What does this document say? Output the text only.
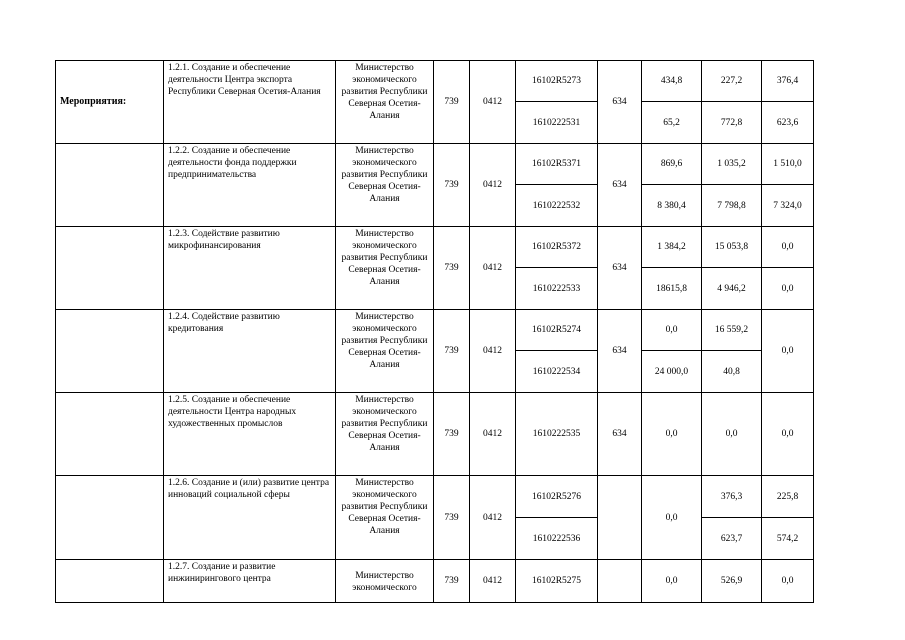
Мероприятия:	1.2.1. Создание и обеспечение деятельности Центра экспорта Республики Северная Осетия-Алания	Министерство экономического развития Республики Северная Осетия-Алания	739	0412	16102R5273	634	434,8	227,2	376,4
					1610222531		65,2	772,8	623,6
	1.2.2. Создание и обеспечение деятельности фонда поддержки предпринимательства	Министерство экономического развития Республики Северная Осетия-Алания	739	0412	16102R5371	634	869,6	1 035,2	1 510,0
					1610222532		8 380,4	7 798,8	7 324,0
	1.2.3. Содействие развитию микрофинансирования	Министерство экономического развития Республики Северная Осетия-Алания	739	0412	16102R5372	634	1 384,2	15 053,8	0,0
					1610222533		18615,8	4 946,2	0,0
	1.2.4. Содействие развитию кредитования	Министерство экономического развития Республики Северная Осетия-Алания	739	0412	16102R5274	634	0,0	16 559,2	0,0
					1610222534		24 000,0	40,8	
	1.2.5. Создание и обеспечение деятельности Центра народных художественных промыслов	Министерство экономического развития Республики Северная Осетия-Алания	739	0412	1610222535	634	0,0	0,0	0,0
	1.2.6. Создание и (или) развитие центра инноваций социальной сферы	Министерство экономического развития Республики Северная Осетия-Алания	739	0412	16102R5276		0,0	376,3	225,8
					1610222536			623,7	574,2
	1.2.7. Создание и развитие инжинирингового центра	Министерство экономического	739	0412	16102R5275		0,0	526,9	0,0
